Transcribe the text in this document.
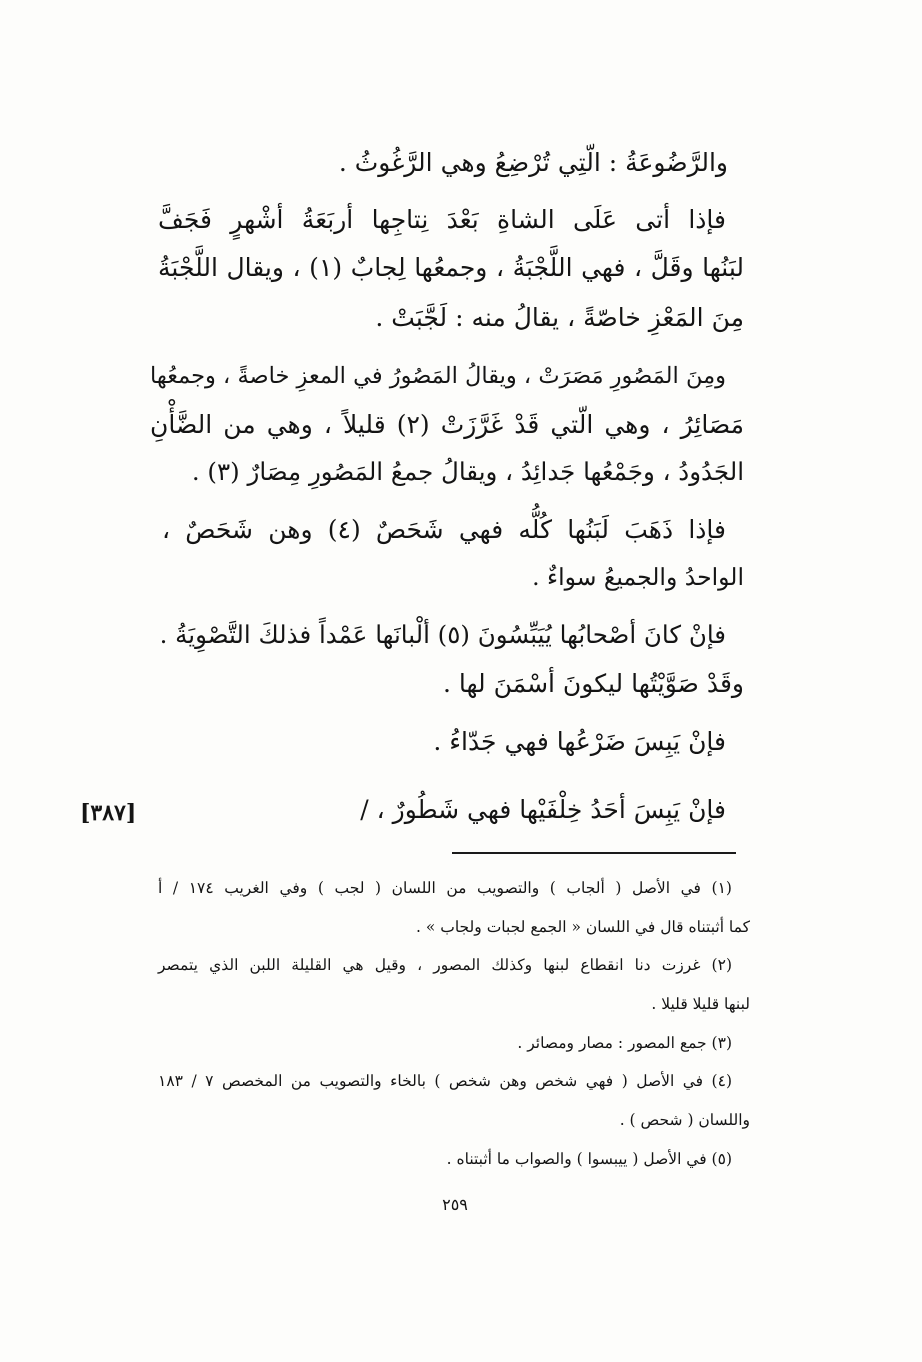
والرَّضُوعَةُ : الّتِي تُرْضِعُ وهي الرَّغُوثُ .
فإذا أتى عَلَى الشاةِ بَعْدَ نِتاجِها أربَعَةُ أشْهرٍ فَجَفَّ
لبَنُها وقَلَّ ، فهي اللَّجْبَةُ ، وجمعُها لِجابٌ (١) ، ويقال اللَّجْبَةُ
مِنَ المَعْزِ خاصّةً ، يقالُ منه : لَجَّبَتْ .
ومِنَ المَصُورِ مَصَرَتْ ، ويقالُ المَصُورُ في المعزِ خاصةً ، وجمعُها
مَصَائِرُ ، وهي الّتي قَدْ غَرَّزَتْ (٢) قليلاً ، وهي من الضَّأْنِ
الجَدُودُ ، وجَمْعُها جَدائِدُ ، ويقالُ جمعُ المَصُورِ مِصَارٌ (٣) .
فإذا ذَهَبَ لَبَنُها كُلُّه فهي شَحَصٌ (٤) وهن شَحَصٌ ،
الواحدُ والجميعُ سواءٌ .
فإنْ كانَ أصْحابُها يُيَبِّسُونَ (٥) ألْبانَها عَمْداً فذلكَ التَّصْوِيَةُ .
وقَدْ صَوَّيْتُها ليكونَ أسْمَنَ لها .
فإنْ يَبِسَ ضَرْعُها فهي جَدّاءُ .
فإنْ يَبِسَ أحَدُ خِلْفَيْها فهي شَطُورٌ ، /
[٣٨٧]
(١) في الأصل ( ألجاب ) والتصويب من اللسان ( لجب ) وفي الغريب ١٧٤ / أ
كما أثبتناه قال في اللسان « الجمع لجبات ولجاب » .
(٢) غرزت دنا انقطاع لبنها وكذلك المصور ، وقيل هي القليلة اللبن الذي يتمصر
لبنها قليلا قليلا .
(٣) جمع المصور : مصار ومصائر .
(٤) في الأصل ( فهي شخص وهن شخص ) بالخاء والتصويب من المخصص ٧ / ١٨٣
واللسان ( شحص ) .
(٥) في الأصل ( ييبسوا ) والصواب ما أثبتناه .
٢٥٩
